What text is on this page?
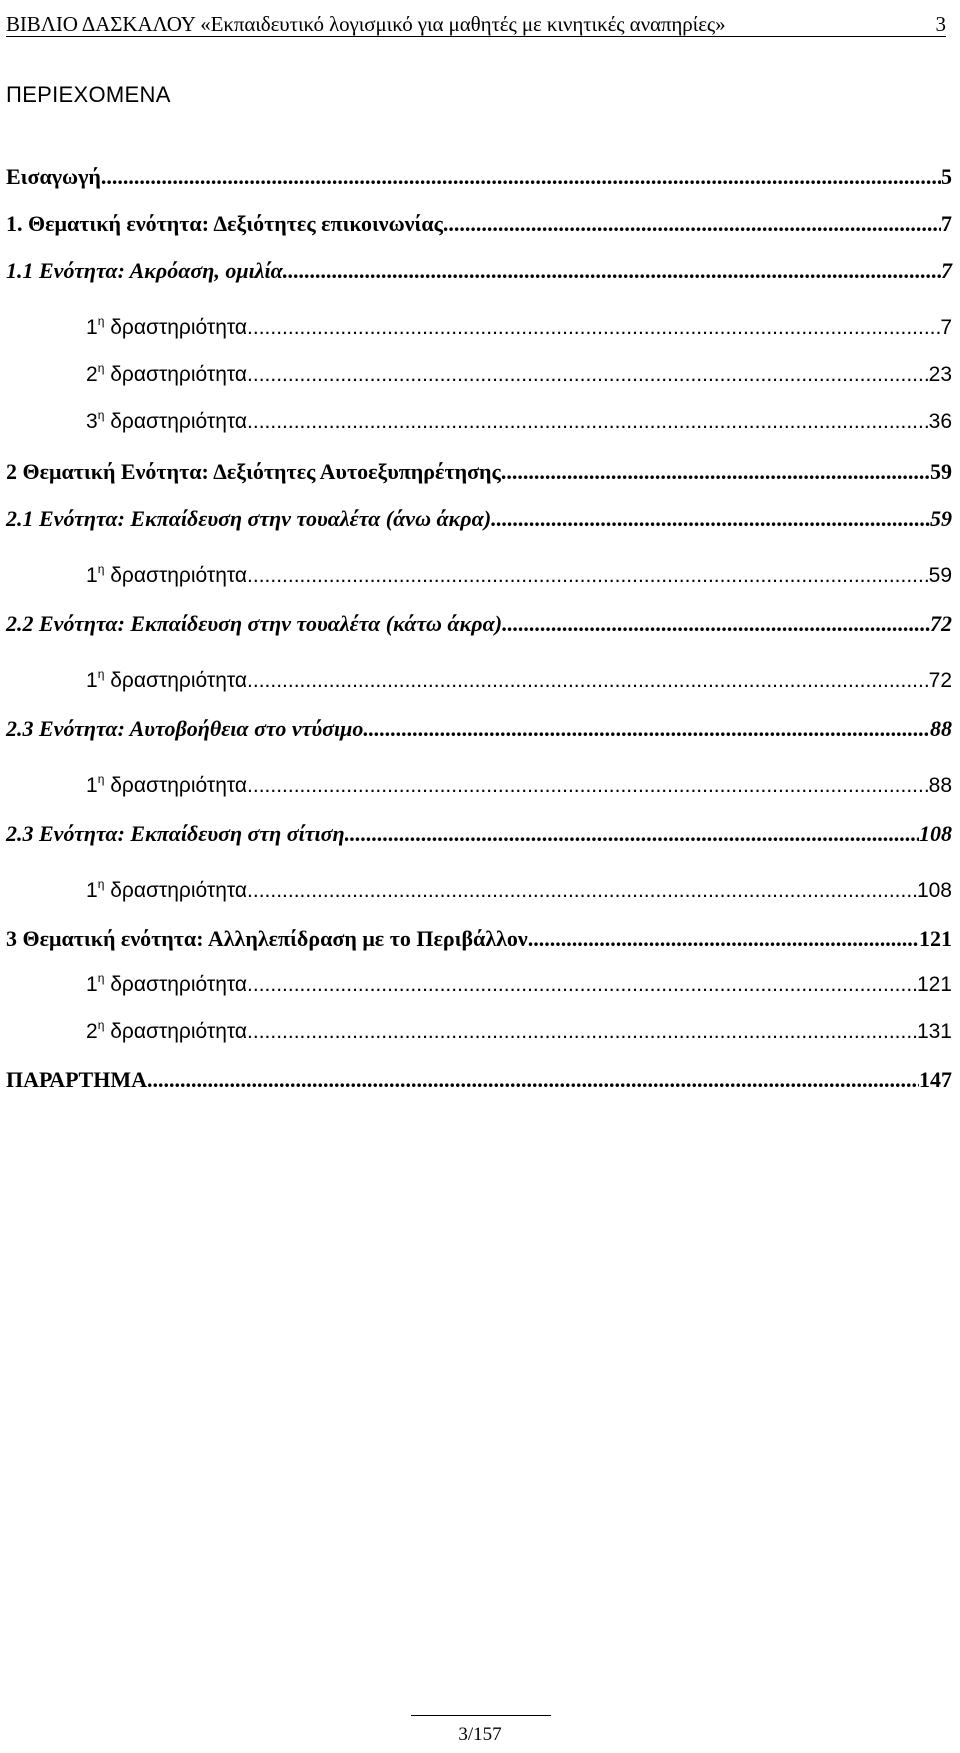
ΒΙΒΛΙΟ ΔΑΣΚΑΛΟΥ «Εκπαιδευτικό λογισμικό για μαθητές με κινητικές αναπηρίες»	3
ΠΕΡΙΕΧΟΜΕΝΑ
Εισαγωγή .....	5
1. Θεματική ενότητα: Δεξιότητες επικοινωνίας .....	7
1.1 Ενότητα: Ακρόαση, ομιλία .....	7
$1^\eta$ δραστηριότητα .....	7
$2^\eta$ δραστηριότητα .....	23
$3^\eta$ δραστηριότητα .....	36
2 Θεματική Ενότητα: Δεξιότητες Αυτοεξυπηρέτησης .....	59
2.1 Ενότητα: Εκπαίδευση στην τουαλέτα (άνω άκρα) .....	59
$1^\eta$ δραστηριότητα .....	59
2.2 Ενότητα: Εκπαίδευση στην τουαλέτα (κάτω άκρα) .....	72
$1^\eta$ δραστηριότητα .....	72
2.3 Ενότητα: Αυτοβοήθεια στο ντύσιμο .....	88
$1^\eta$ δραστηριότητα .....	88
2.3 Ενότητα: Εκπαίδευση στη σίτιση .....	108
$1^\eta$ δραστηριότητα .....	108
3 Θεματική ενότητα: Αλληλεπίδραση με το Περιβάλλον .....	121
$1^\eta$ δραστηριότητα .....	121
$2^\eta$ δραστηριότητα .....	131
ΠΑΡΑΡΤΗΜΑ .....	147
3/157
